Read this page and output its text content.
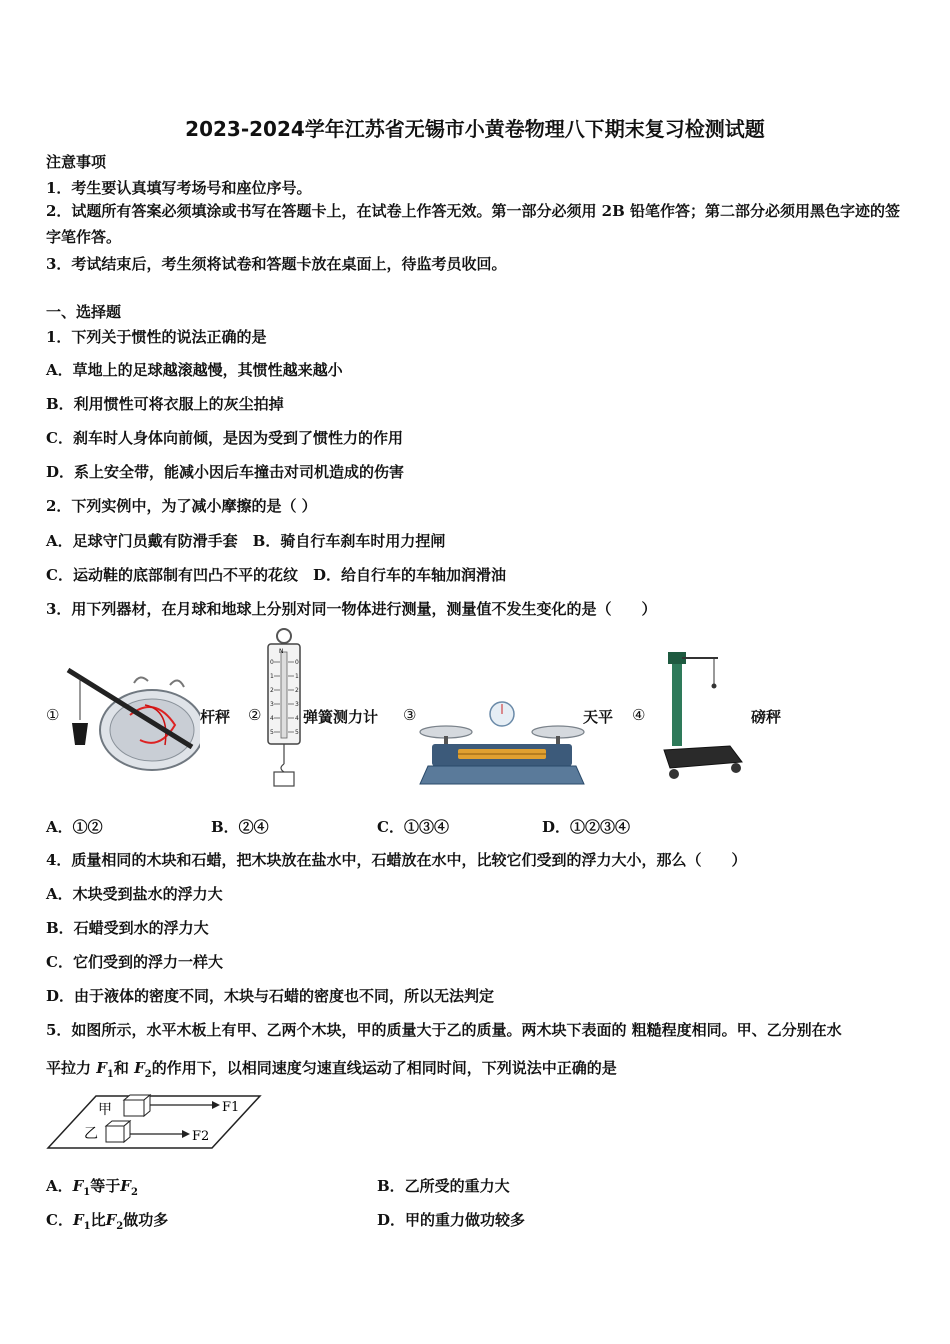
2023-2024学年江苏省无锡市小黄卷物理八下期末复习检测试题
注意事项
1．考生要认真填写考场号和座位序号。
2．试题所有答案必须填涂或书写在答题卡上，在试卷上作答无效。第一部分必须用 2B 铅笔作答；第二部分必须用黑色字迹的签字笔作答。
3．考试结束后，考生须将试卷和答题卡放在桌面上，待监考员收回。
一、选择题
1．下列关于惯性的说法正确的是
A．草地上的足球越滚越慢，其惯性越来越小
B．利用惯性可将衣服上的灰尘拍掉
C．刹车时人身体向前倾，是因为受到了惯性力的作用
D．系上安全带，能减小因后车撞击对司机造成的伤害
2．下列实例中，为了减小摩擦的是（ ）
A．足球守门员戴有防滑手套　B．骑自行车刹车时用力捏闸
C．运动鞋的底部制有凹凸不平的花纹　D．给自行车的车轴加润滑油
3．用下列器材，在月球和地球上分别对同一物体进行测量，测量值不发生变化的是（　　）
①	杆秤 ②
N
0
1
2
3
4
5
0
1
2
3
4
5
弹簧测力计 ③	天平 ④	磅秤
A．①②	B．②④	C．①③④	D．①②③④
4．质量相同的木块和石蜡，把木块放在盐水中，石蜡放在水中，比较它们受到的浮力大小，那么（　　）
A．木块受到盐水的浮力大
B．石蜡受到水的浮力大
C．它们受到的浮力一样大
D．由于液体的密度不同，木块与石蜡的密度也不同，所以无法判定
5．如图所示，水平木板上有甲、乙两个木块，甲的质量大于乙的质量。两木块下表面的 粗糙程度相同。甲、乙分别在水
平拉力 $F_1$和 $F_2$的作用下，以相同速度匀速直线运动了相同时间，下列说法中正确的是
甲	F1
乙	F2
A．$F_1$等于$F_2$	B．乙所受的重力大
C．$F_1$比$F_2$做功多	D．甲的重力做功较多
